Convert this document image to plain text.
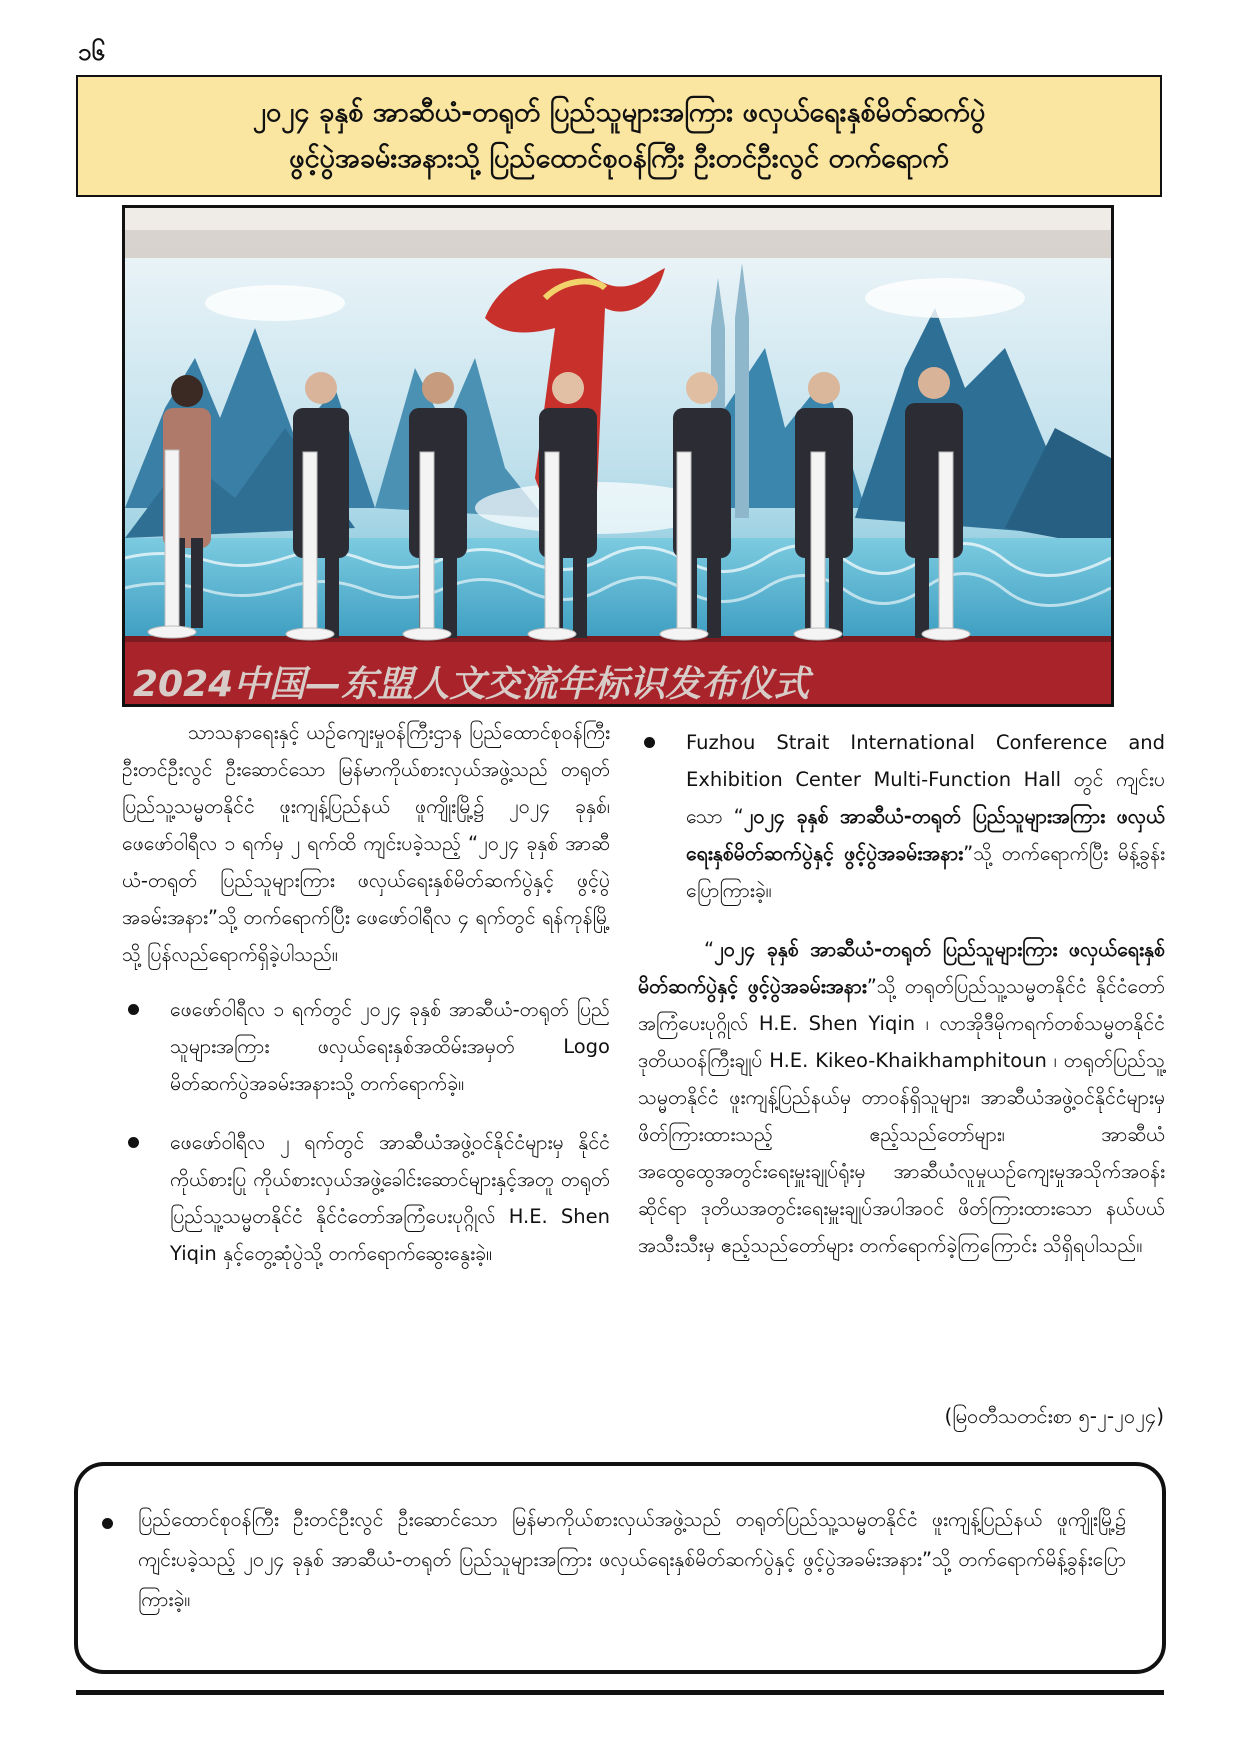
၁၆
၂၀၂၄ ခုနှစ် အာဆီယံ-တရုတ် ပြည်သူများအကြား ဖလှယ်ရေးနှစ်မိတ်ဆက်ပွဲ
ဖွင့်ပွဲအခမ်းအနားသို့ ပြည်ထောင်စုဝန်ကြီး ဦးတင်ဦးလွင် တက်ရောက်
2024中国—东盟人文交流年标识发布仪式

သာသနာရေးနှင့် ယဉ်ကျေးမှုဝန်ကြီးဌာန ပြည်ထောင်စုဝန်ကြီး ဦးတင်ဦးလွင် ဦးဆောင်သော မြန်မာကိုယ်စားလှယ်အဖွဲ့သည် တရုတ်ပြည်သူ့သမ္မတနိုင်ငံ ဖူးကျန့်ပြည်နယ် ဖူကျိုးမြို့၌ ၂၀၂၄ ခုနှစ်၊ ဖေဖော်ဝါရီလ ၁ ရက်မှ ၂ ရက်ထိ ကျင်းပခဲ့သည့် “၂၀၂၄ ခုနှစ် အာဆီယံ-တရုတ် ပြည်သူများကြား ဖလှယ်ရေးနှစ်မိတ်ဆက်ပွဲနှင့် ဖွင့်ပွဲအခမ်းအနား”သို့ တက်ရောက်ပြီး ဖေဖော်ဝါရီလ ၄ ရက်တွင် ရန်ကုန်မြို့သို့ ပြန်လည်ရောက်ရှိခဲ့ပါသည်။

ဖေဖော်ဝါရီလ ၁ ရက်တွင် ၂၀၂၄ ခုနှစ် အာဆီယံ-တရုတ် ပြည်သူများအကြား ဖလှယ်ရေးနှစ်အထိမ်းအမှတ် Logo မိတ်ဆက်ပွဲအခမ်းအနားသို့ တက်ရောက်ခဲ့။
ဖေဖော်ဝါရီလ ၂ ရက်တွင် အာဆီယံအဖွဲ့ဝင်နိုင်ငံများမှ နိုင်ငံကိုယ်စားပြု ကိုယ်စားလှယ်အဖွဲ့ခေါင်းဆောင်များနှင့်အတူ တရုတ်ပြည်သူ့သမ္မတနိုင်ငံ နိုင်ငံတော်အကြံပေးပုဂ္ဂိုလ် H.E. Shen Yiqin နှင့်တွေ့ဆုံပွဲသို့ တက်ရောက်ဆွေးနွေးခဲ့။
Fuzhou Strait International Conference and Exhibition Center Multi-Function Hall တွင် ကျင်းပသော “၂၀၂၄ ခုနှစ် အာဆီယံ-တရုတ် ပြည်သူများအကြား ဖလှယ်ရေးနှစ်မိတ်ဆက်ပွဲနှင့် ဖွင့်ပွဲအခမ်းအနား”သို့ တက်ရောက်ပြီး မိန့်ခွန်းပြောကြားခဲ့။

“၂၀၂၄ ခုနှစ် အာဆီယံ-တရုတ် ပြည်သူများကြား ဖလှယ်ရေးနှစ်မိတ်ဆက်ပွဲနှင့် ဖွင့်ပွဲအခမ်းအနား”သို့ တရုတ်ပြည်သူ့သမ္မတနိုင်ငံ နိုင်ငံတော်အကြံပေးပုဂ္ဂိုလ် H.E. Shen Yiqin ၊ လာအိုဒီမိုကရက်တစ်သမ္မတနိုင်ငံ ဒုတိယဝန်ကြီးချုပ် H.E. Kikeo-Khaikhamphitoun ၊ တရုတ်ပြည်သူ့သမ္မတနိုင်ငံ ဖူးကျန့်ပြည်နယ်မှ တာဝန်ရှိသူများ၊ အာဆီယံအဖွဲ့ဝင်နိုင်ငံများမှ ဖိတ်ကြားထားသည့် ဧည့်သည်တော်များ၊ အာဆီယံအထွေထွေအတွင်းရေးမှူးချုပ်ရုံးမှ အာဆီယံလူမှုယဉ်ကျေးမှုအသိုက်အဝန်းဆိုင်ရာ ဒုတိယအတွင်းရေးမှူးချုပ်အပါအဝင် ဖိတ်ကြားထားသော နယ်ပယ်အသီးသီးမှ ဧည့်သည်တော်များ တက်ရောက်ခဲ့ကြကြောင်း သိရှိရပါသည်။

(မြဝတီသတင်းစာ ၅-၂-၂၀၂၄)
ပြည်ထောင်စုဝန်ကြီး ဦးတင်ဦးလွင် ဦးဆောင်သော မြန်မာကိုယ်စားလှယ်အဖွဲ့သည် တရုတ်ပြည်သူ့သမ္မတနိုင်ငံ ဖူးကျန့်ပြည်နယ် ဖူကျိုးမြို့၌ ကျင်းပခဲ့သည့် ၂၀၂၄ ခုနှစ် အာဆီယံ-တရုတ် ပြည်သူများအကြား ဖလှယ်ရေးနှစ်မိတ်ဆက်ပွဲနှင့် ဖွင့်ပွဲအခမ်းအနား”သို့ တက်ရောက်မိန့်ခွန်းပြောကြားခဲ့။
